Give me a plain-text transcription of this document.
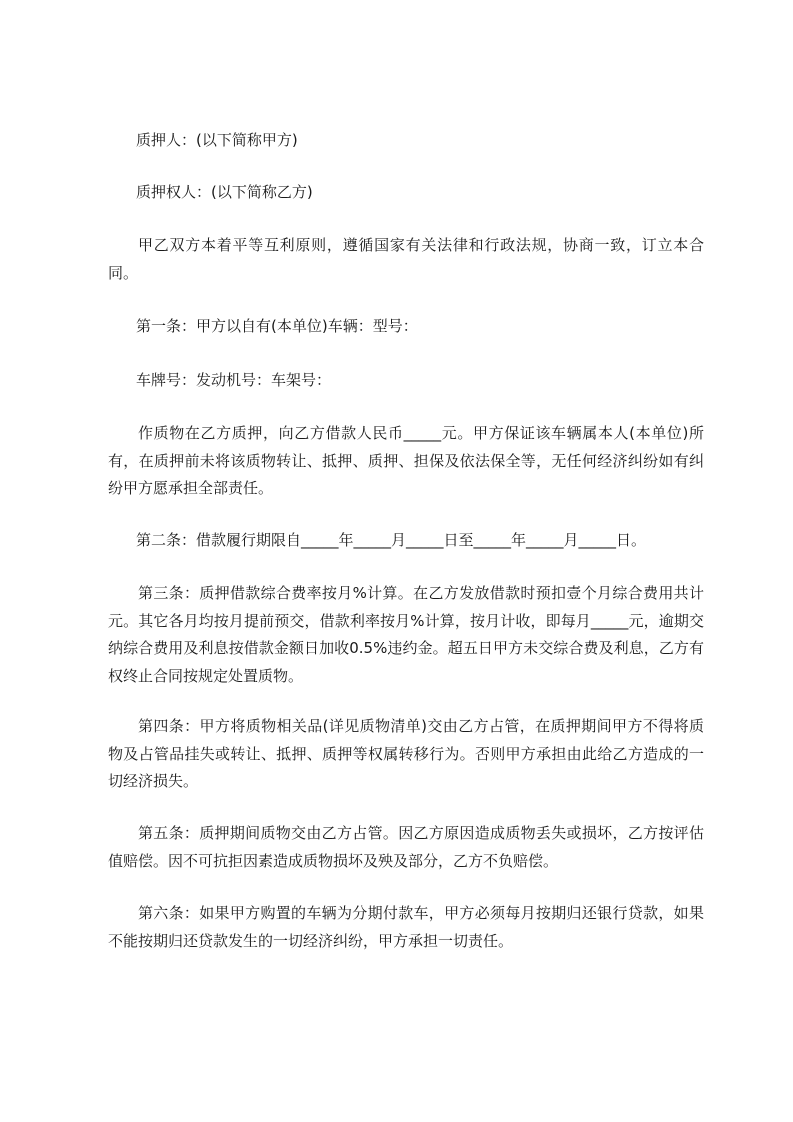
质押人：(以下简称甲方)

质押权人：(以下简称乙方)

甲乙双方本着平等互利原则，遵循国家有关法律和行政法规，协商一致，订立本合同。

第一条：甲方以自有(本单位)车辆：型号：

车牌号：发动机号：车架号：

作质物在乙方质押，向乙方借款人民币_____元。甲方保证该车辆属本人(本单位)所有，在质押前未将该质物转让、抵押、质押、担保及依法保全等，无任何经济纠纷如有纠纷甲方愿承担全部责任。

第二条：借款履行期限自_____年_____月_____日至_____年_____月_____日。

第三条：质押借款综合费率按月%计算。在乙方发放借款时预扣壹个月综合费用共计元。其它各月均按月提前预交，借款利率按月%计算，按月计收，即每月_____元，逾期交纳综合费用及利息按借款金额日加收0.5%违约金。超五日甲方未交综合费及利息，乙方有权终止合同按规定处置质物。

第四条：甲方将质物相关品(详见质物清单)交由乙方占管，在质押期间甲方不得将质物及占管品挂失或转让、抵押、质押等权属转移行为。否则甲方承担由此给乙方造成的一切经济损失。

第五条：质押期间质物交由乙方占管。因乙方原因造成质物丢失或损坏，乙方按评估值赔偿。因不可抗拒因素造成质物损坏及殃及部分，乙方不负赔偿。

第六条：如果甲方购置的车辆为分期付款车，甲方必须每月按期归还银行贷款，如果不能按期归还贷款发生的一切经济纠纷，甲方承担一切责任。
